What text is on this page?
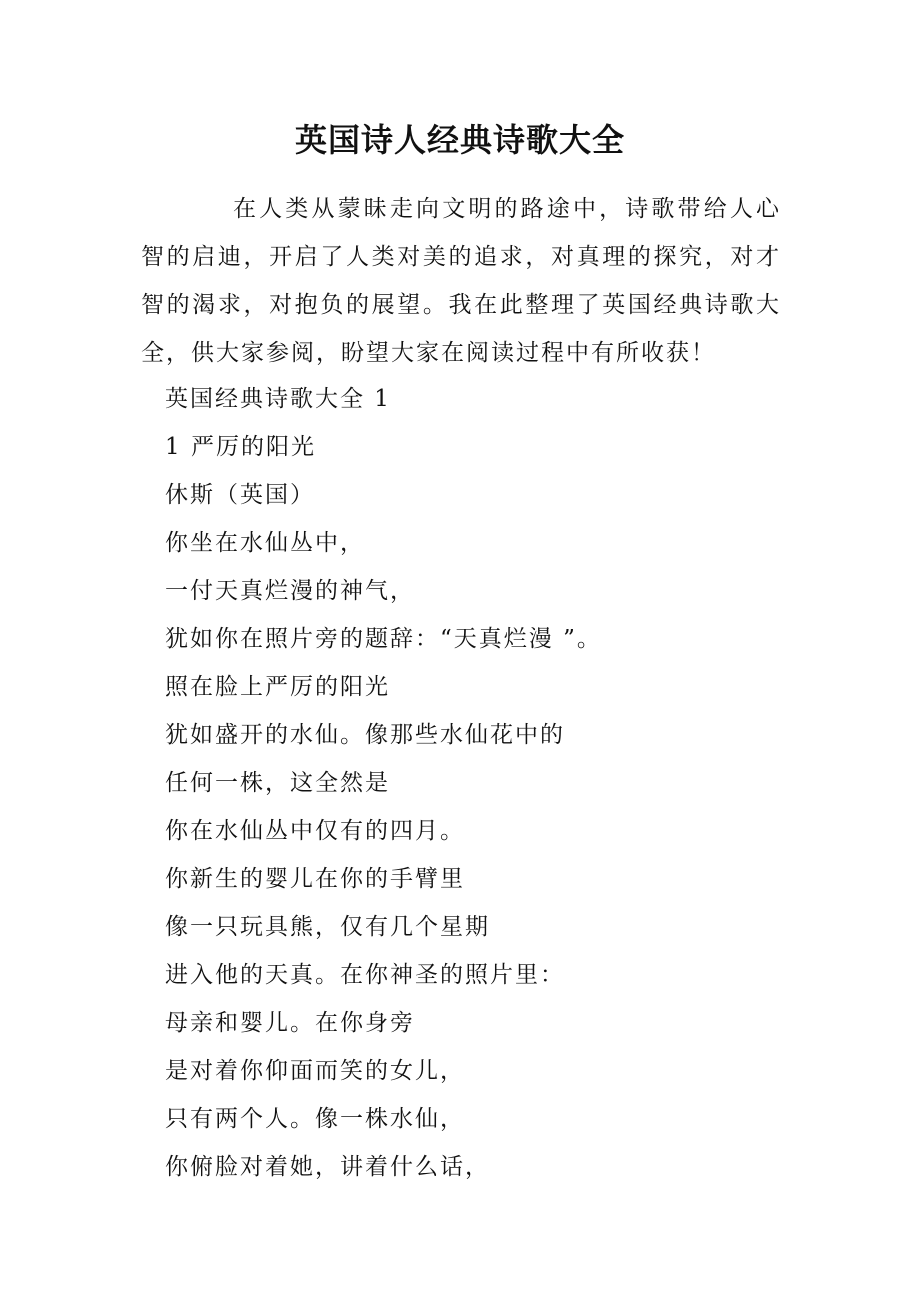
英国诗人经典诗歌大全
在人类从蒙昧走向文明的路途中，诗歌带给人心智的启迪，开启了人类对美的追求，对真理的探究，对才智的渴求，对抱负的展望。我在此整理了英国经典诗歌大全，供大家参阅，盼望大家在阅读过程中有所收获！
英国经典诗歌大全 1
1 严厉的阳光
休斯（英国）
你坐在水仙丛中，
一付天真烂漫的神气，
犹如你在照片旁的题辞：“天真烂漫 ”。
照在脸上严厉的阳光
犹如盛开的水仙。像那些水仙花中的
任何一株，这全然是
你在水仙丛中仅有的四月。
你新生的婴儿在你的手臂里
像一只玩具熊，仅有几个星期
进入他的天真。在你神圣的照片里：
母亲和婴儿。在你身旁
是对着你仰面而笑的女儿，
只有两个人。像一株水仙，
你俯脸对着她，讲着什么话，
